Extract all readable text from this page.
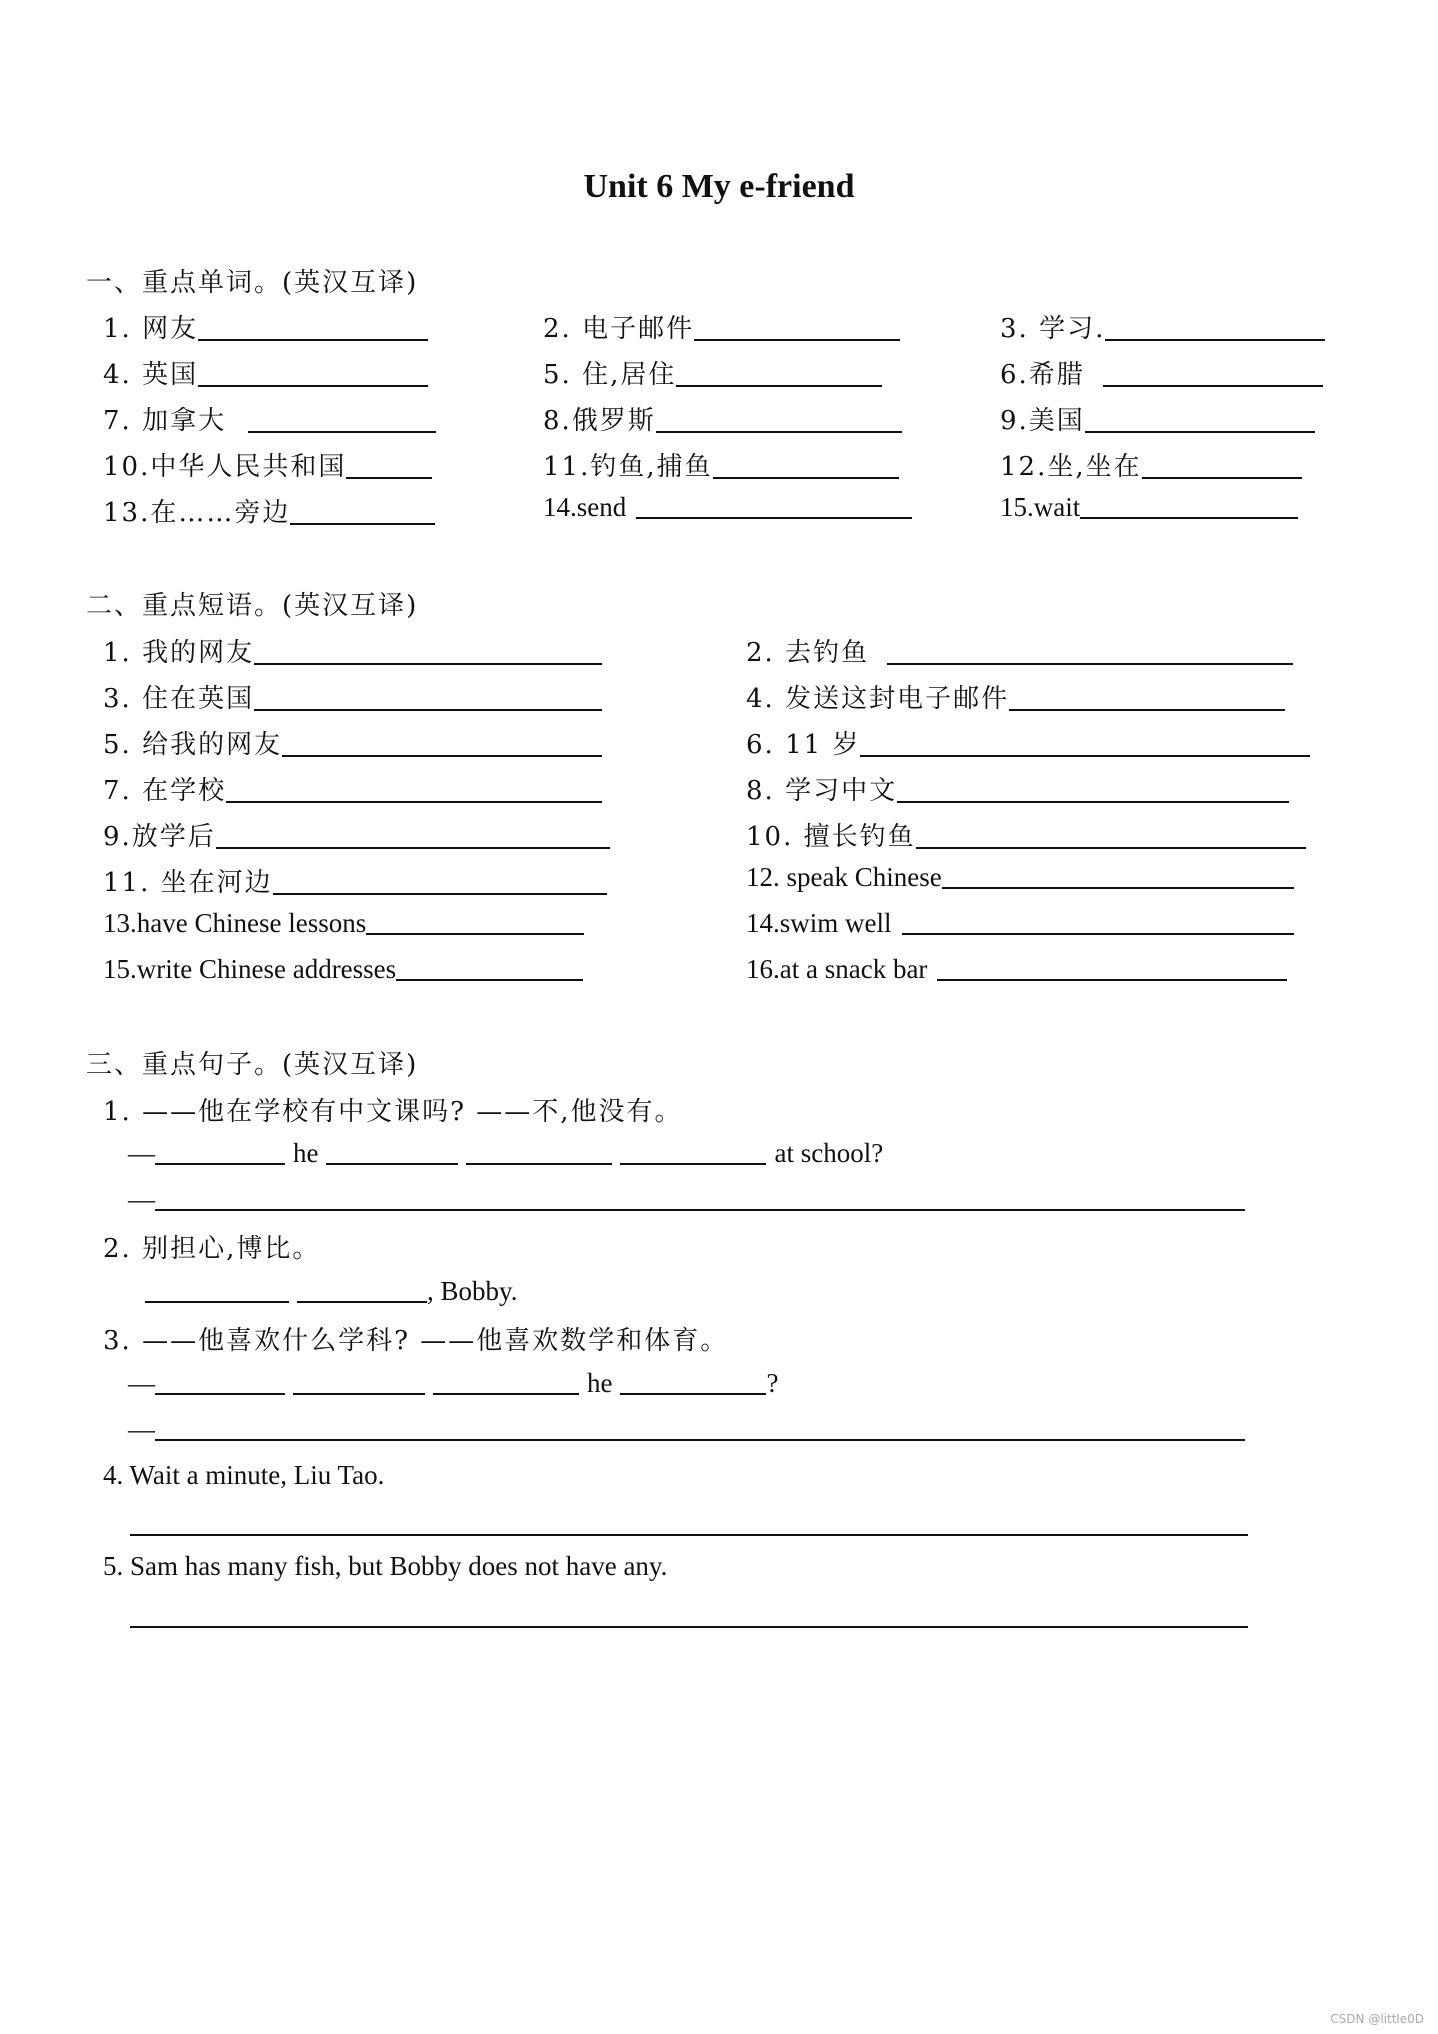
Unit 6 My e-friend
一、重点单词。(英汉互译)
1. 网友	2. 电子邮件	3. 学习.
4. 英国	5. 住,居住	6.希腊
7. 加拿大	8.俄罗斯	9.美国
10.中华人民共和国	11.钓鱼,捕鱼	12.坐,坐在
13.在……旁边	14.send	15.wait
二、重点短语。(英汉互译)
1. 我的网友	2. 去钓鱼
3. 住在英国	4. 发送这封电子邮件
5. 给我的网友	6. 11 岁
7. 在学校	8. 学习中文
9.放学后	10. 擅长钓鱼
11. 坐在河边	12. speak Chinese
13.have Chinese lessons	14.swim well
15.write Chinese addresses	16.at a snack bar
三、重点句子。(英汉互译)
1. ——他在学校有中文课吗? ——不,他没有。
—	he	at school?
—
2. 别担心,博比。
, Bobby.
3. ——他喜欢什么学科? ——他喜欢数学和体育。
—	he	?
—
4. Wait a minute, Liu Tao.
5. Sam has many fish, but Bobby does not have any.
CSDN @little0D
